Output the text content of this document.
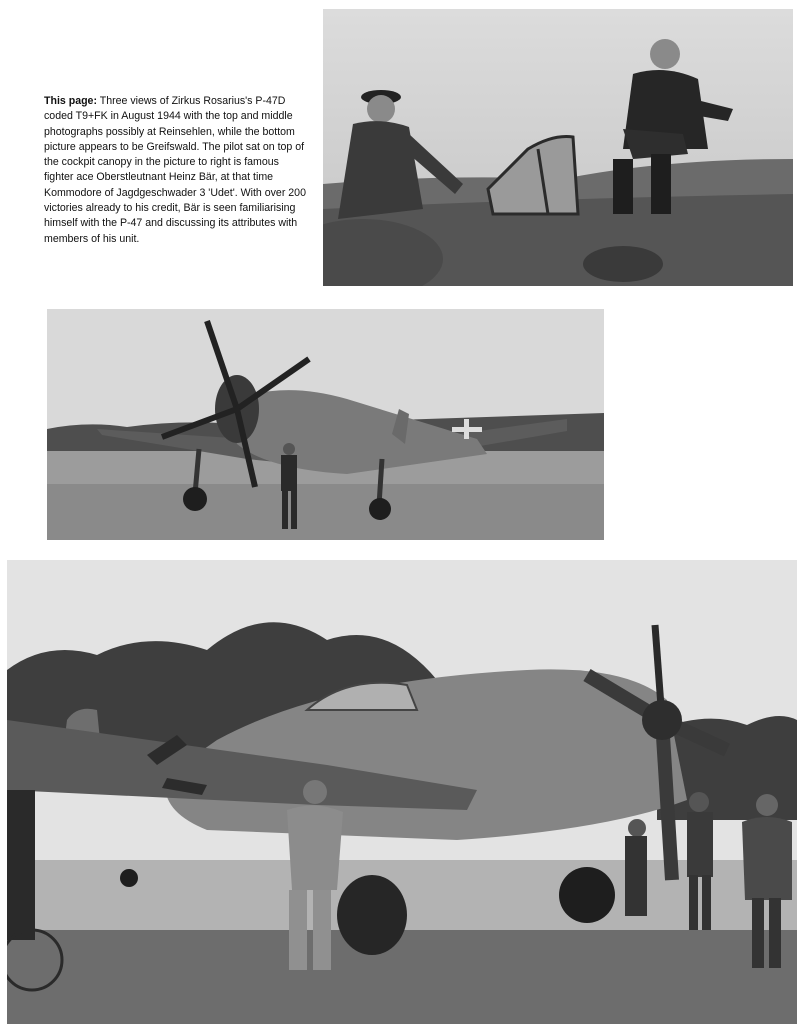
This page: Three views of Zirkus Rosarius's P-47D coded T9+FK in August 1944 with the top and middle photographs possibly at Reinsehlen, while the bottom picture appears to be Greifswald. The pilot sat on top of the cockpit canopy in the picture to right is famous fighter ace Oberstleutnant Heinz Bär, at that time Kommodore of Jagdgeschwader 3 'Udet'. With over 200 victories already to his credit, Bär is seen familiarising himself with the P-47 and discussing its attributes with members of his unit.
